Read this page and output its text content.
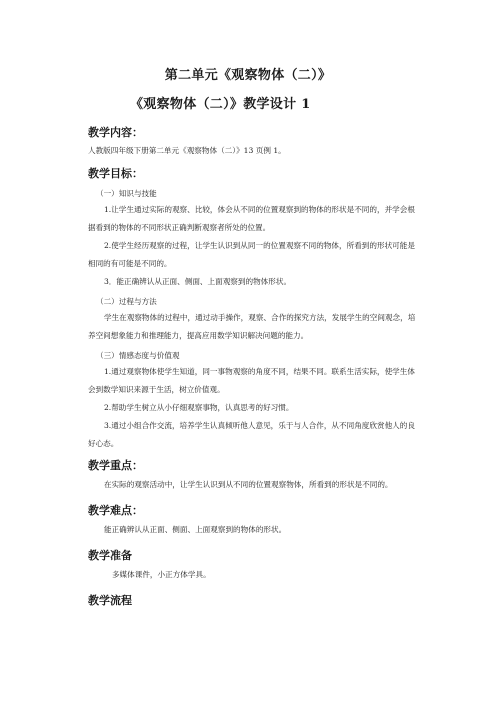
第二单元《观察物体（二）》
《观察物体（二）》教学设计 1
教学内容：
人教版四年级下册第二单元《观察物体（二）》13 页例 1。
教学目标：
（一）知识与技能
1.让学生通过实际的观察、比较，体会从不同的位置观察到的物体的形状是不同的，并学会根据看到的物体的不同形状正确判断观察者所处的位置。
2.使学生经历观察的过程，让学生认识到从同一的位置观察不同的物体，所看到的形状可能是相同的有可能是不同的。
3．能正确辨认从正面、侧面、上面观察到的物体形状。
（二）过程与方法
学生在观察物体的过程中，通过动手操作，观察、合作的探究方法，发展学生的空间观念，培养空间想象能力和推理能力，提高应用数学知识解决问题的能力。
（三）情感态度与价值观
1.通过观察物体使学生知道，同一事物观察的角度不同，结果不同。联系生活实际，使学生体会到数学知识来源于生活，树立价值观。
2.帮助学生树立从小仔细观察事物，认真思考的好习惯。
3.通过小组合作交流，培养学生认真倾听他人意见，乐于与人合作，从不同角度欣赏他人的良好心态。
教学重点：
在实际的观察活动中，让学生认识到从不同的位置观察物体，所看到的形状是不同的。
教学难点：
能正确辨认从正面、侧面、上面观察到的物体的形状。
教学准备
多媒体课件，小正方体学具。
教学流程
